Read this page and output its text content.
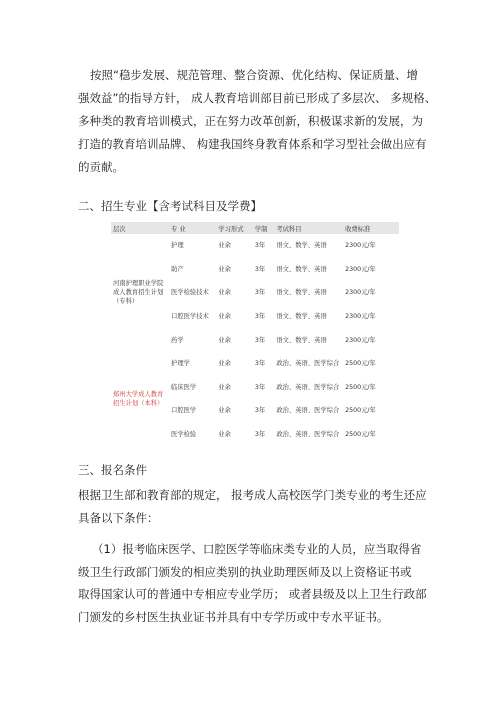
按照“稳步发展、规范管理、整合资源、优化结构、保证质量、增
强效益”的指导方针， 成人教育培训部目前已形成了多层次、 多规格、
多种类的教育培训模式，正在努力改革创新，积极谋求新的发展，为
打造的教育培训品牌、 构建我国终身教育体系和学习型社会做出应有
的贡献。
二、招生专业【含考试科目及学费】
层次	专 业	学习形式	学制	考试科目	收费标准
河南护理职业学院成人教育招生计划（专科）	护理	业余	3年	语文、数学、英语	2300元/年
	助产	业余	3年	语文、数学、英语	2300元/年
	医学检验技术	业余	3年	语文、数学、英语	2300元/年
	口腔医学技术	业余	3年	语文、数学、英语	2300元/年
	药学	业余	3年	语文、数学、英语	2300元/年
郑州大学成人教育招生计划（本科）	护理学	业余	3年	政治、英语、医学综合	2500元/年
	临床医学	业余	3年	政治、英语、医学综合	2500元/年
	口腔医学	业余	3年	政治、英语、医学综合	2500元/年
	医学检验	业余	3年	政治、英语、医学综合	2500元/年
三、报名条件
根据卫生部和教育部的规定， 报考成人高校医学门类专业的考生还应
具备以下条件：
（1）报考临床医学、口腔医学等临床类专业的人员，应当取得省
级卫生行政部门颁发的相应类别的执业助理医师及以上资格证书或
取得国家认可的普通中专相应专业学历； 或者县级及以上卫生行政部
门颁发的乡村医生执业证书并具有中专学历或中专水平证书。
